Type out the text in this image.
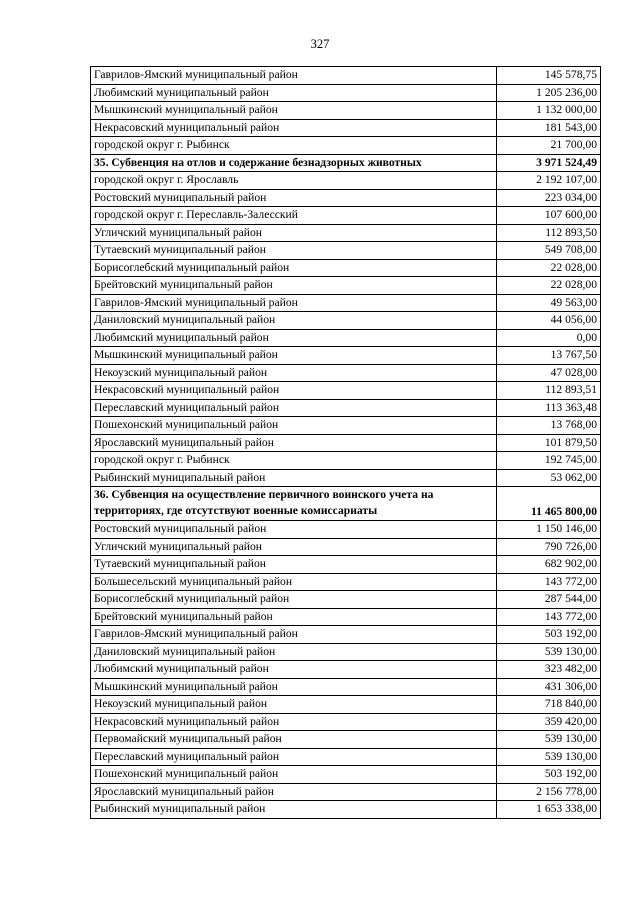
327
Гаврилов-Ямский муниципальный район	145 578,75
Любимский муниципальный район	1 205 236,00
Мышкинский муниципальный район	1 132 000,00
Некрасовский муниципальный район	181 543,00
городской округ г. Рыбинск	21 700,00
35. Субвенция на отлов и содержание безнадзорных животных	3 971 524,49
городской округ г. Ярославль	2 192 107,00
Ростовский муниципальный район	223 034,00
городской округ г. Переславль-Залесский	107 600,00
Угличский муниципальный район	112 893,50
Тутаевский муниципальный район	549 708,00
Борисоглебский муниципальный район	22 028,00
Брейтовский муниципальный район	22 028,00
Гаврилов-Ямский муниципальный район	49 563,00
Даниловский муниципальный район	44 056,00
Любимский муниципальный район	0,00
Мышкинский муниципальный район	13 767,50
Некоузский муниципальный район	47 028,00
Некрасовский муниципальный район	112 893,51
Переславский муниципальный район	113 363,48
Пошехонский муниципальный район	13 768,00
Ярославский муниципальный район	101 879,50
городской округ г. Рыбинск	192 745,00
Рыбинский муниципальный район	53 062,00
36. Субвенция на осуществление первичного воинского учета на территориях, где отсутствуют военные комиссариаты	11 465 800,00
Ростовский муниципальный район	1 150 146,00
Угличский муниципальный район	790 726,00
Тутаевский муниципальный район	682 902,00
Большесельский муниципальный район	143 772,00
Борисоглебский муниципальный район	287 544,00
Брейтовский муниципальный район	143 772,00
Гаврилов-Ямский муниципальный район	503 192,00
Даниловский муниципальный район	539 130,00
Любимский муниципальный район	323 482,00
Мышкинский муниципальный район	431 306,00
Некоузский муниципальный район	718 840,00
Некрасовский муниципальный район	359 420,00
Первомайский муниципальный район	539 130,00
Переславский муниципальный район	539 130,00
Пошехонский муниципальный район	503 192,00
Ярославский муниципальный район	2 156 778,00
Рыбинский муниципальный район	1 653 338,00
